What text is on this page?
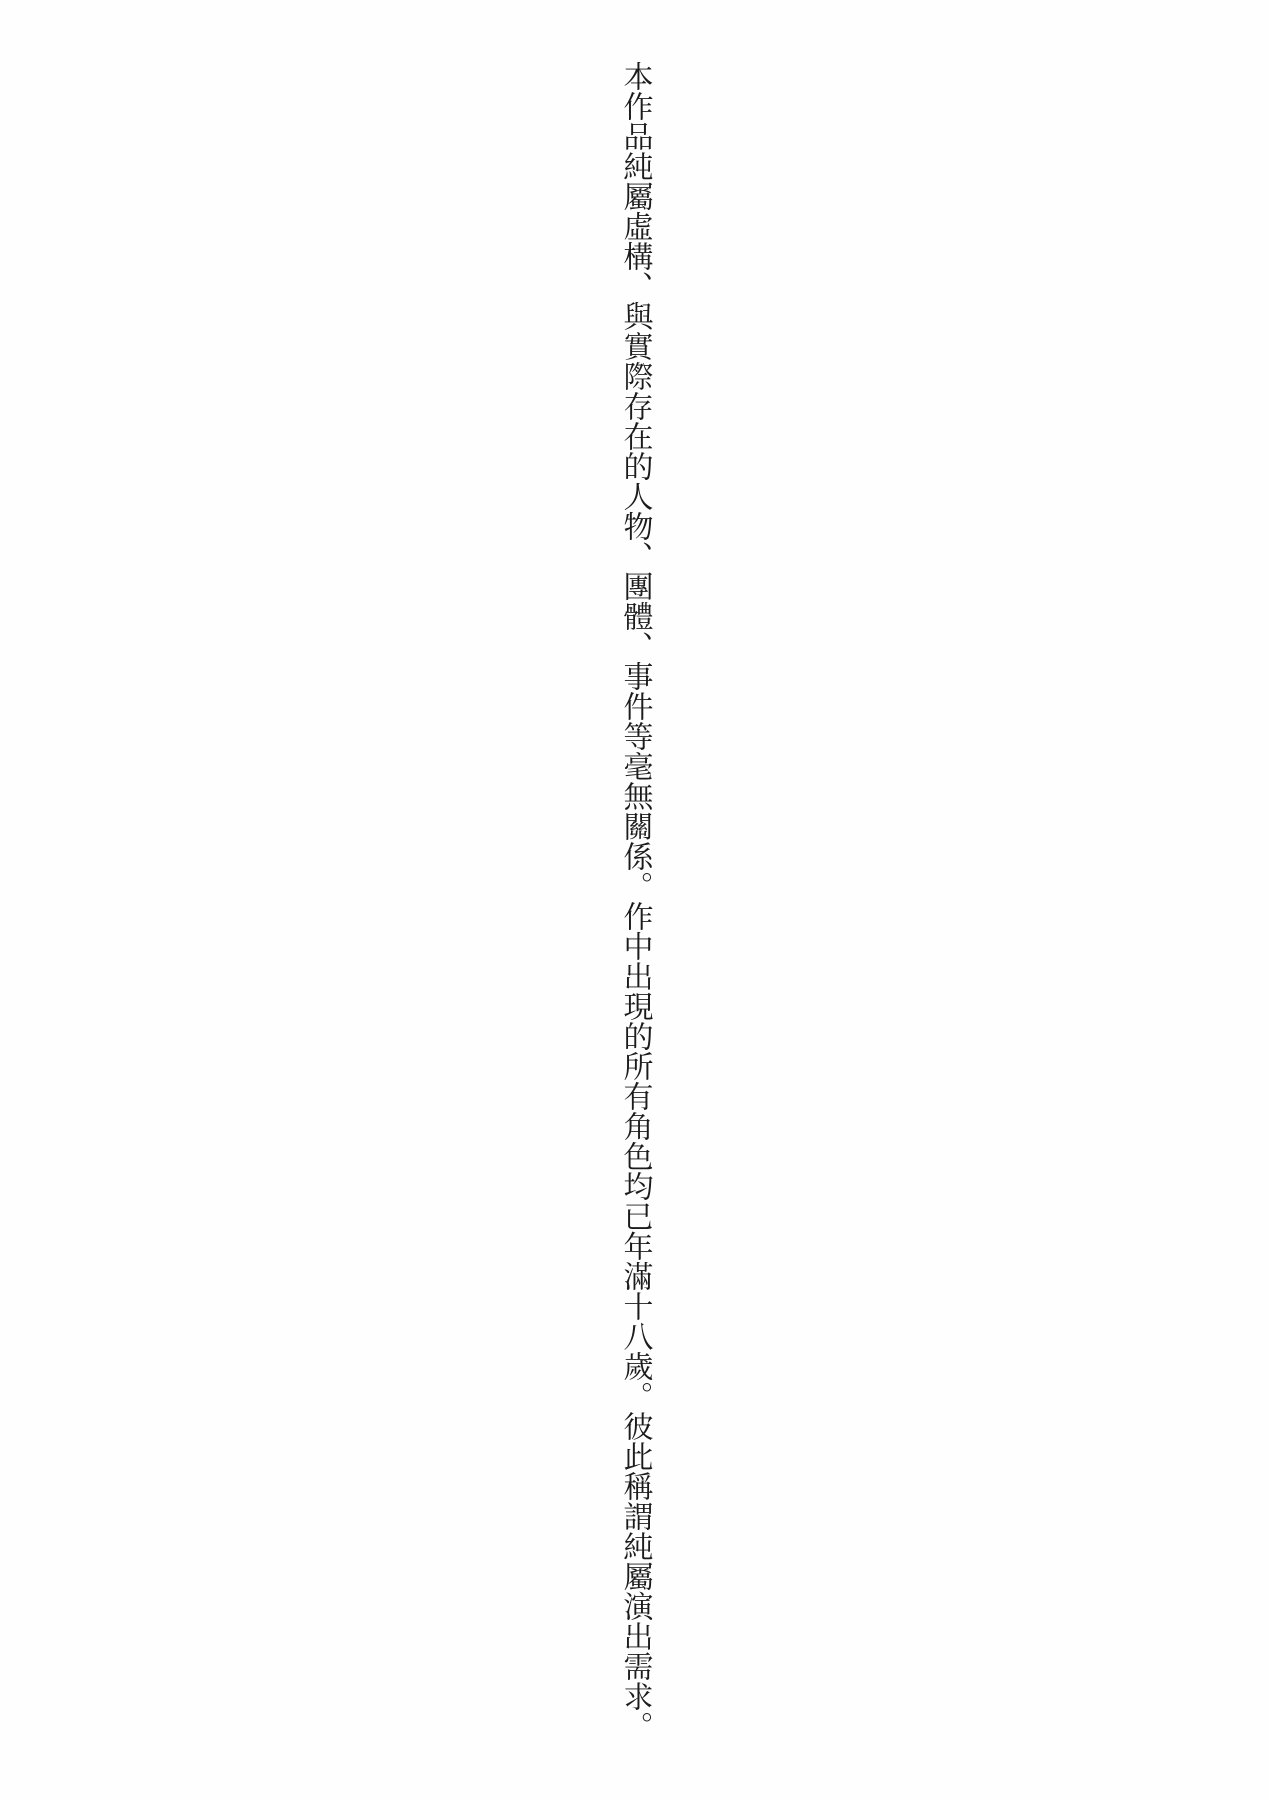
本作品純屬虛構、與實際存在的人物、團體、事件等毫無關係。作中出現的所有角色均已年滿十八歲。彼此稱謂純屬演出需求。
